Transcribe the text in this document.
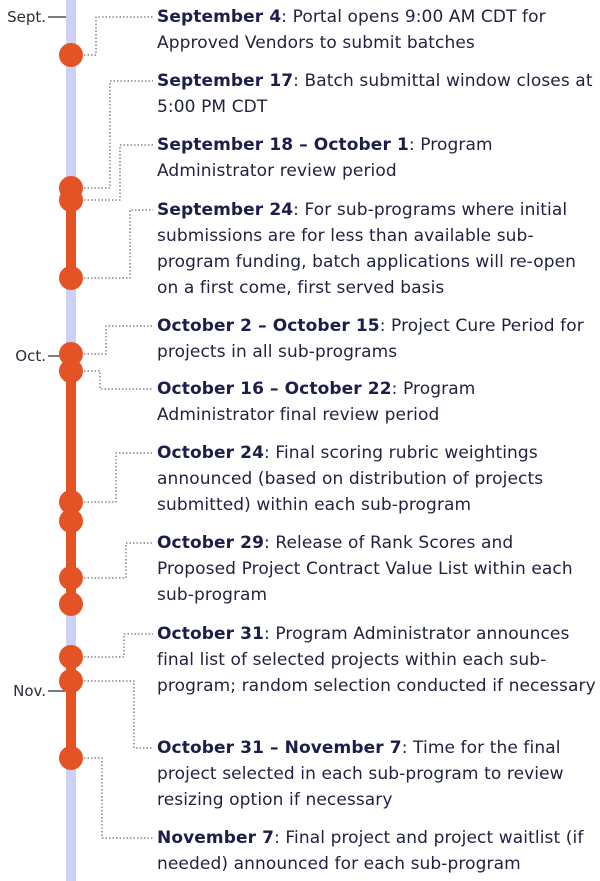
Sept.
Oct.
Nov.
September 4: Portal opens 9:00 AM CDT for Approved Vendors to submit batches
September 17: Batch submittal window closes at 5:00 PM CDT
September 18 – October 1: Program Administrator review period
September 24: For sub-programs where initial submissions are for less than available sub-program funding, batch applications will re-open on a first come, first served basis
October 2 – October 15: Project Cure Period for projects in all sub-programs
October 16 – October 22: Program Administrator final review period
October 24: Final scoring rubric weightings announced (based on distribution of projects submitted) within each sub-program
October 29: Release of Rank Scores and Proposed Project Contract Value List within each sub-program
October 31: Program Administrator announces final list of selected projects within each sub-program; random selection conducted if necessary
October 31 – November 7: Time for the final project selected in each sub-program to review resizing option if necessary
November 7: Final project and project waitlist (if needed) announced for each sub-program
